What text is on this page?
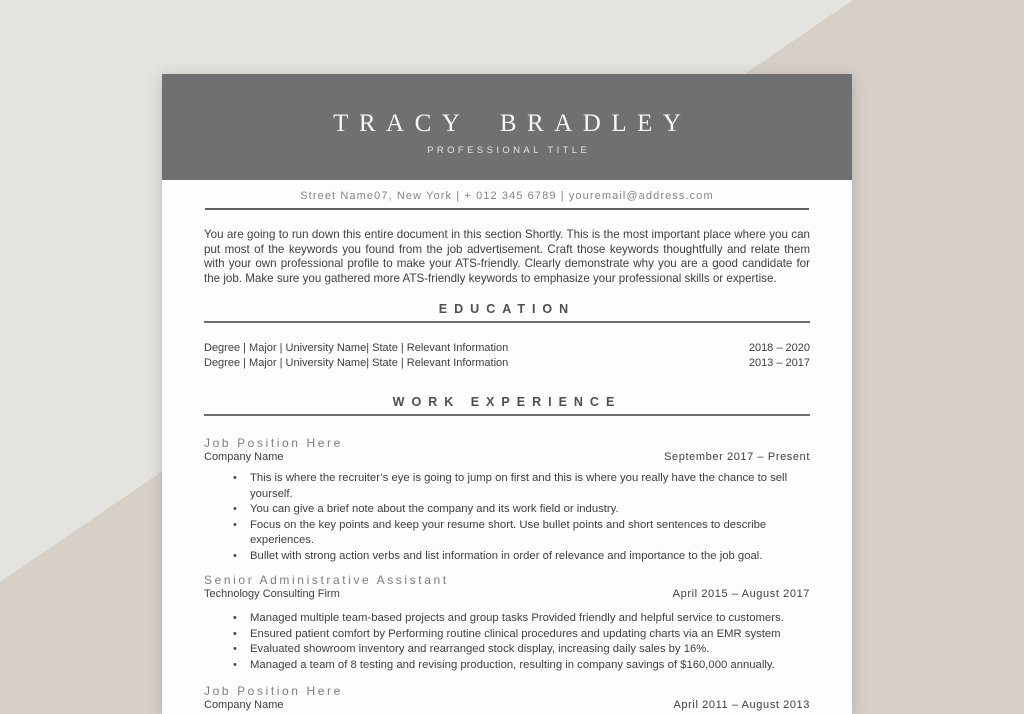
TRACY BRADLEY
PROFESSIONAL TITLE
Street Name07, New York | + 012 345 6789 | youremail@address.com

You are going to run down this entire document in this section Shortly. This is the most important place where you can put most of the keywords you found from the job advertisement. Craft those keywords thoughtfully and relate them with your own professional profile to make your ATS-friendly. Clearly demonstrate why you are a good candidate for the job. Make sure you gathered more ATS-friendly keywords to emphasize your professional skills or expertise.

EDUCATION
Degree | Major | University Name| State | Relevant Information	2018 – 2020
Degree | Major | University Name| State | Relevant Information	2013 – 2017
WORK EXPERIENCE
Job Position Here
Company Name	September 2017 – Present
• This is where the recruiter’s eye is going to jump on first and this is where you really have the chance to sell yourself.
• You can give a brief note about the company and its work field or industry.
• Focus on the key points and keep your resume short. Use bullet points and short sentences to describe experiences.
• Bullet with strong action verbs and list information in order of relevance and importance to the job goal.
Senior Administrative Assistant
Technology Consulting Firm	April 2015 – August 2017
• Managed multiple team-based projects and group tasks Provided friendly and helpful service to customers.
• Ensured patient comfort by Performing routine clinical procedures and updating charts via an EMR system
• Evaluated showroom inventory and rearranged stock display, increasing daily sales by 16%.
• Managed a team of 8 testing and revising production, resulting in company savings of $160,000 annually.
Job Position Here
Company Name	April 2011 – August 2013
